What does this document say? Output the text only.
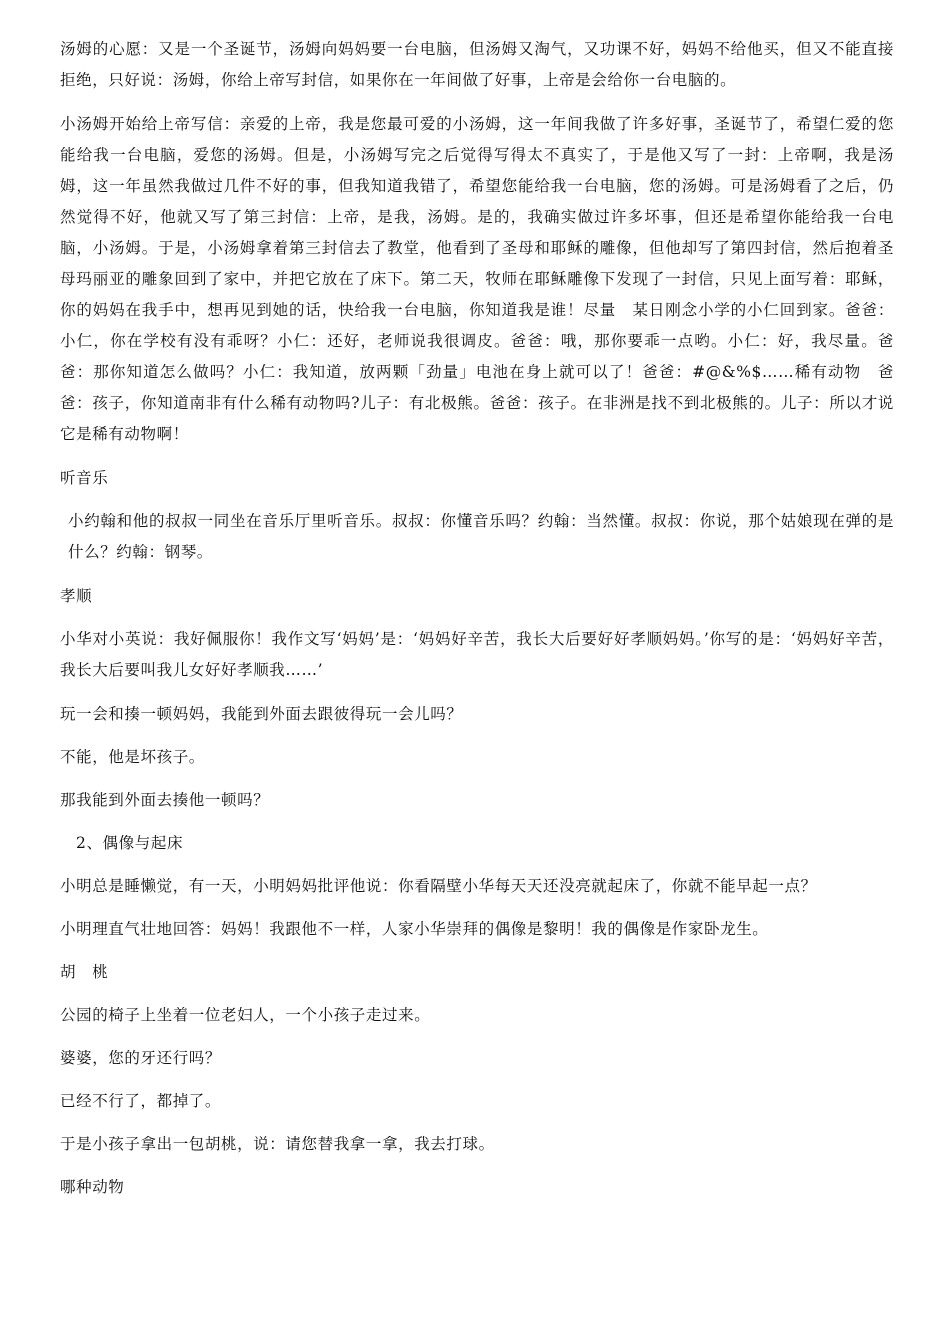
汤姆的心愿：又是一个圣诞节，汤姆向妈妈要一台电脑，但汤姆又淘气，又功课不好，妈妈不给他买，但又不能直接拒绝，只好说：汤姆，你给上帝写封信，如果你在一年间做了好事，上帝是会给你一台电脑的。

小汤姆开始给上帝写信：亲爱的上帝，我是您最可爱的小汤姆，这一年间我做了许多好事，圣诞节了，希望仁爱的您能给我一台电脑，爱您的汤姆。但是，小汤姆写完之后觉得写得太不真实了，于是他又写了一封：上帝啊，我是汤姆，这一年虽然我做过几件不好的事，但我知道我错了，希望您能给我一台电脑，您的汤姆。可是汤姆看了之后，仍然觉得不好，他就又写了第三封信：上帝，是我，汤姆。是的，我确实做过许多坏事，但还是希望你能给我一台电脑，小汤姆。于是，小汤姆拿着第三封信去了教堂，他看到了圣母和耶稣的雕像，但他却写了第四封信，然后抱着圣母玛丽亚的雕象回到了家中，并把它放在了床下。第二天，牧师在耶稣雕像下发现了一封信，只见上面写着：耶稣，你的妈妈在我手中，想再见到她的话，快给我一台电脑，你知道我是谁！尽量　某日刚念小学的小仁回到家。爸爸：小仁，你在学校有没有乖呀？小仁：还好，老师说我很调皮。爸爸：哦，那你要乖一点哟。小仁：好，我尽量。爸爸：那你知道怎么做吗？小仁：我知道，放两颗「劲量」电池在身上就可以了！爸爸：#@&%$……稀有动物　爸爸：孩子，你知道南非有什么稀有动物吗?儿子：有北极熊。爸爸：孩子。在非洲是找不到北极熊的。儿子：所以才说它是稀有动物啊！

听音乐

小约翰和他的叔叔一同坐在音乐厅里听音乐。叔叔：你懂音乐吗？约翰：当然懂。叔叔：你说，那个姑娘现在弹的是什么？约翰：钢琴。

孝顺

小华对小英说：我好佩服你！我作文写‘妈妈’是：‘妈妈好辛苦，我长大后要好好孝顺妈妈。’你写的是：‘妈妈好辛苦，我长大后要叫我儿女好好孝顺我……’

玩一会和揍一顿妈妈，我能到外面去跟彼得玩一会儿吗？

不能，他是坏孩子。

那我能到外面去揍他一顿吗？

2、偶像与起床

小明总是睡懒觉，有一天，小明妈妈批评他说：你看隔壁小华每天天还没亮就起床了，你就不能早起一点？

小明理直气壮地回答：妈妈！我跟他不一样，人家小华崇拜的偶像是黎明！我的偶像是作家卧龙生。

胡　桃

公园的椅子上坐着一位老妇人，一个小孩子走过来。

婆婆，您的牙还行吗？

已经不行了，都掉了。

于是小孩子拿出一包胡桃，说：请您替我拿一拿，我去打球。

哪种动物
